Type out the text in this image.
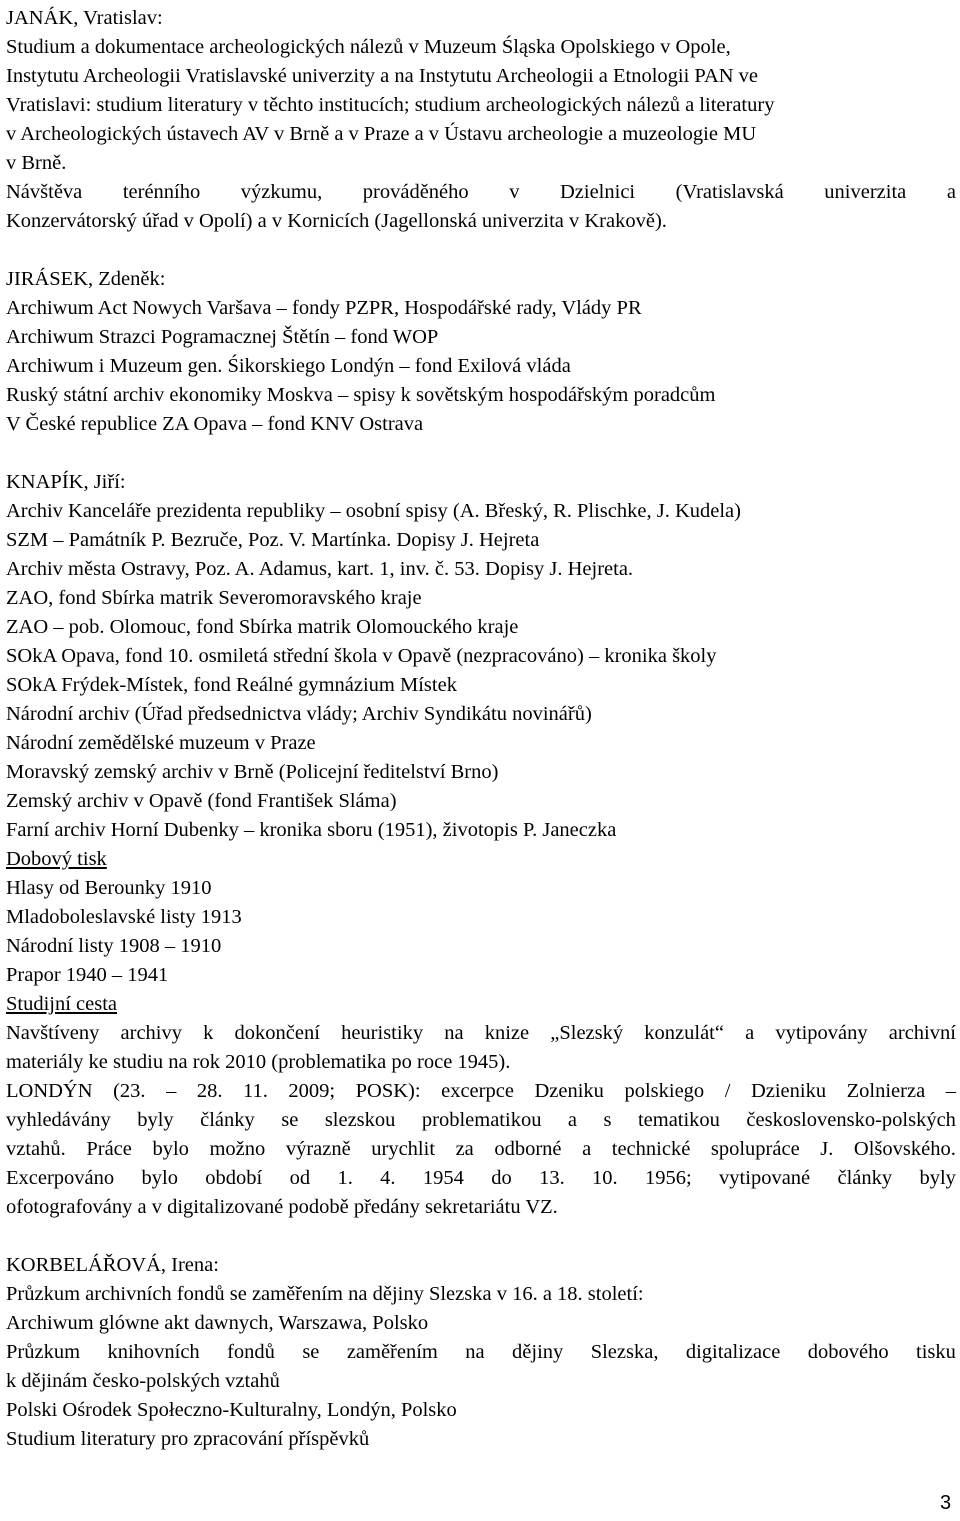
JANÁK, Vratislav:
Studium a dokumentace archeologických nálezů v Muzeum Śląska Opolskiego v Opole,
Instytutu Archeologii Vratislavské univerzity a na Instytutu Archeologii a Etnologii PAN ve
Vratislavi: studium literatury v těchto institucích; studium archeologických nálezů a literatury
v Archeologických ústavech AV v Brně a v Praze a v Ústavu archeologie a muzeologie MU
v Brně.
Návštěva terénního výzkumu, prováděného v Dzielnici (Vratislavská univerzita a
Konzervátorský úřad v Opolí) a v Kornicích (Jagellonská univerzita v Krakově).
JIRÁSEK, Zdeněk:
Archiwum Act Nowych Varšava – fondy PZPR, Hospodářské rady, Vlády PR
Archiwum Strazci Pogramacznej Štětín – fond WOP
Archiwum i Muzeum gen. Śikorskiego Londýn – fond Exilová vláda
Ruský státní archiv ekonomiky Moskva – spisy k sovětským hospodářským poradcům
V České republice ZA Opava – fond KNV Ostrava
KNAPÍK, Jiří:
Archiv Kanceláře prezidenta republiky – osobní spisy (A. Břeský, R. Plischke, J. Kudela)
SZM – Památník P. Bezruče, Poz. V. Martínka. Dopisy J. Hejreta
Archiv města Ostravy, Poz. A. Adamus, kart. 1, inv. č. 53. Dopisy J. Hejreta.
ZAO, fond Sbírka matrik Severomoravského kraje
ZAO – pob. Olomouc, fond Sbírka matrik Olomouckého kraje
SOkA Opava, fond 10. osmiletá střední škola v Opavě (nezpracováno) – kronika školy
SOkA Frýdek-Místek, fond Reálné gymnázium Místek
Národní archiv (Úřad předsednictva vlády; Archiv Syndikátu novinářů)
Národní zemědělské muzeum v Praze
Moravský zemský archiv v Brně (Policejní ředitelství Brno)
Zemský archiv v Opavě (fond František Sláma)
Farní archiv Horní Dubenky – kronika sboru (1951), životopis P. Janeczka
Dobový tisk
Hlasy od Berounky 1910
Mladoboleslavské listy 1913
Národní listy 1908 – 1910
Prapor 1940 – 1941
Studijní cesta
Navštíveny archivy k dokončení heuristiky na knize „Slezský konzulát“ a vytipovány archivní
materiály ke studiu na rok 2010 (problematika po roce 1945).
LONDÝN (23. – 28. 11. 2009; POSK): excerpce Dzeniku polskiego / Dzieniku Zolnierza –
vyhledávány byly články se slezskou problematikou a s tematikou československo-polských
vztahů. Práce bylo možno výrazně urychlit za odborné a technické spolupráce J. Olšovského.
Excerpováno bylo období od 1. 4. 1954 do 13. 10. 1956; vytipované články byly
ofotografovány a v digitalizované podobě předány sekretariátu VZ.
KORBELÁŘOVÁ, Irena:
Průzkum archivních fondů se zaměřením na dějiny Slezska v 16. a 18. století:
Archiwum glówne akt dawnych, Warszawa, Polsko
Průzkum knihovních fondů se zaměřením na dějiny Slezska, digitalizace dobového tisku
k dějinám česko-polských vztahů
Polski Ośrodek Społeczno-Kulturalny, Londýn, Polsko
Studium literatury pro zpracování příspěvků
3
